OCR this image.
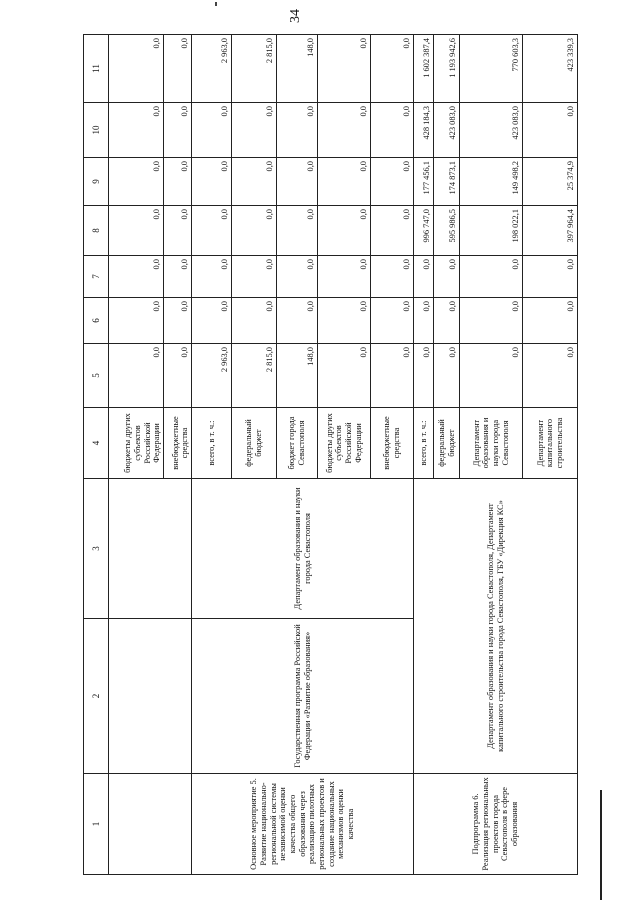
34
1	2	3	4	5	6	7	8	9	10	11
			бюджеты других субъектов Российской Федерации	0,0	0,0	0,0	0,0	0,0	0,0	0,0
			внебюджетные средства	0,0	0,0	0,0	0,0	0,0	0,0	0,0
Основное мероприятие 5. Развитие национально-региональной системы независимой оценки качества общего образования через реализацию пилотных региональных проектов и создание национальных механизмов оценки качества	Государственная программа Российской Федерации «Развитие образования»	Департамент образования и науки города Севастополя	всего, в т. ч.:	2 963,0	0,0	0,0	0,0	0,0	0,0	2 963,0
			федеральный бюджет	2 815,0	0,0	0,0	0,0	0,0	0,0	2 815,0
			бюджет города Севастополя	148,0	0,0	0,0	0,0	0,0	0,0	148,0
			бюджеты других субъектов Российской Федерации	0,0	0,0	0,0	0,0	0,0	0,0	0,0
			внебюджетные средства	0,0	0,0	0,0	0,0	0,0	0,0	0,0
Подпрограмма 6. Реализация региональных проектов города Севастополя в сфере образования	Департамент образования и науки города Севастополя, Департамент капитального строительства города Севастополя, ГБУ «Дирекция КС»		всего, в т. ч.:	0,0	0,0	0,0	996 747,0	177 456,1	428 184,3	1 602 387,4
			федеральный бюджет	0,0	0,0	0,0	595 986,5	174 873,1	423 083,0	1 193 942,6
			Департамент образования и науки города Севастополя	0,0	0,0	0,0	198 022,1	149 498,2	423 083,0	770 603,3
			Департамент капитального строительства	0,0	0,0	0,0	397 964,4	25 374,9	0,0	423 339,3
